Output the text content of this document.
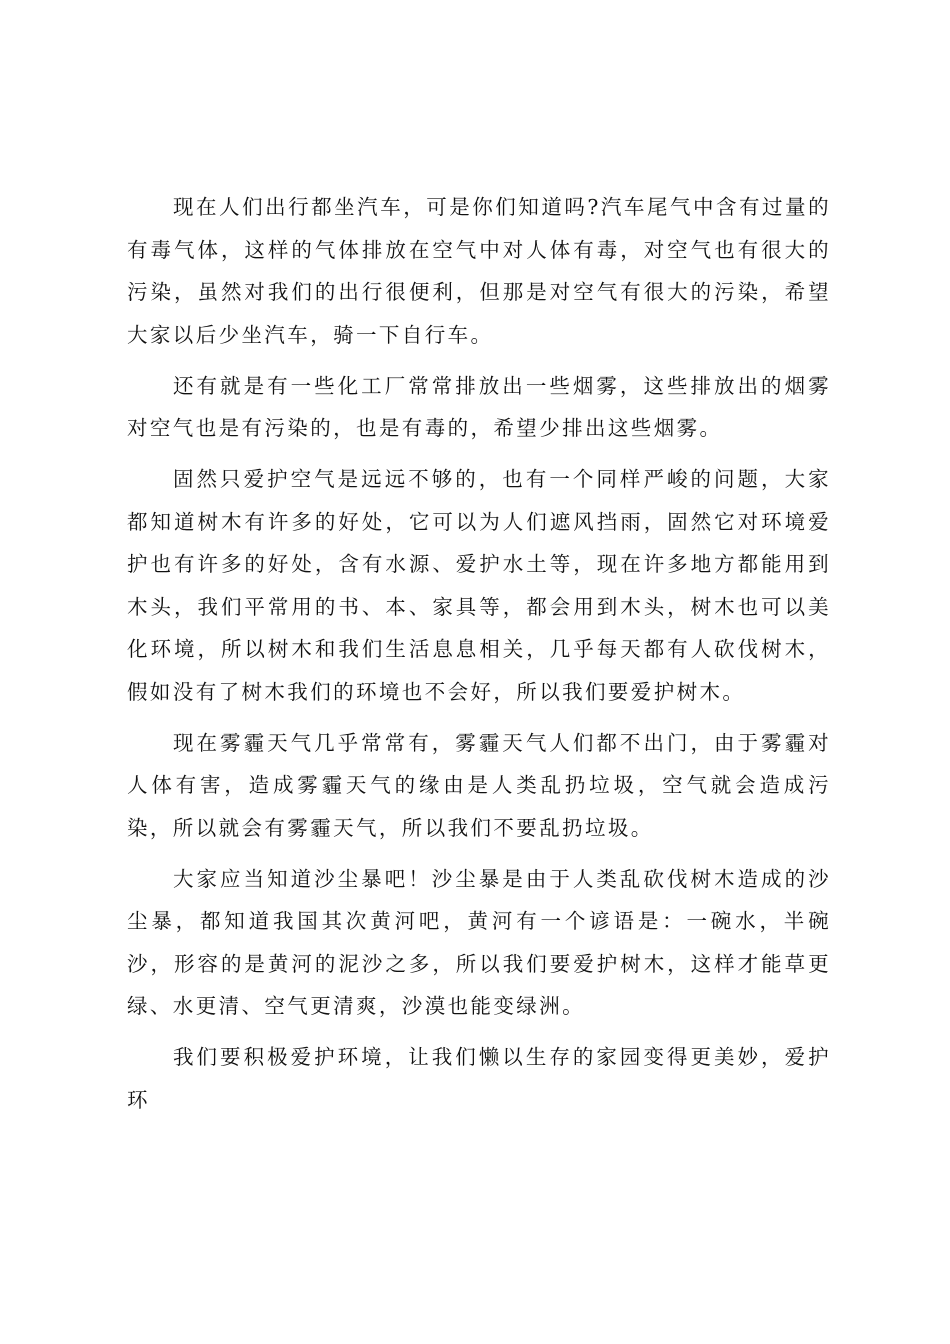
现在人们出行都坐汽车，可是你们知道吗?汽车尾气中含有过量的有毒气体，这样的气体排放在空气中对人体有毒，对空气也有很大的污染，虽然对我们的出行很便利，但那是对空气有很大的污染，希望大家以后少坐汽车，骑一下自行车。

还有就是有一些化工厂常常排放出一些烟雾，这些排放出的烟雾对空气也是有污染的，也是有毒的，希望少排出这些烟雾。

固然只爱护空气是远远不够的，也有一个同样严峻的问题，大家都知道树木有许多的好处，它可以为人们遮风挡雨，固然它对环境爱护也有许多的好处，含有水源、爱护水土等，现在许多地方都能用到木头，我们平常用的书、本、家具等，都会用到木头，树木也可以美化环境，所以树木和我们生活息息相关，几乎每天都有人砍伐树木，假如没有了树木我们的环境也不会好，所以我们要爱护树木。

现在雾霾天气几乎常常有，雾霾天气人们都不出门，由于雾霾对人体有害，造成雾霾天气的缘由是人类乱扔垃圾，空气就会造成污染，所以就会有雾霾天气，所以我们不要乱扔垃圾。

大家应当知道沙尘暴吧！沙尘暴是由于人类乱砍伐树木造成的沙尘暴，都知道我国其次黄河吧，黄河有一个谚语是：一碗水，半碗沙，形容的是黄河的泥沙之多，所以我们要爱护树木，这样才能草更绿、水更清、空气更清爽，沙漠也能变绿洲。

我们要积极爱护环境，让我们懒以生存的家园变得更美妙，爱护环
